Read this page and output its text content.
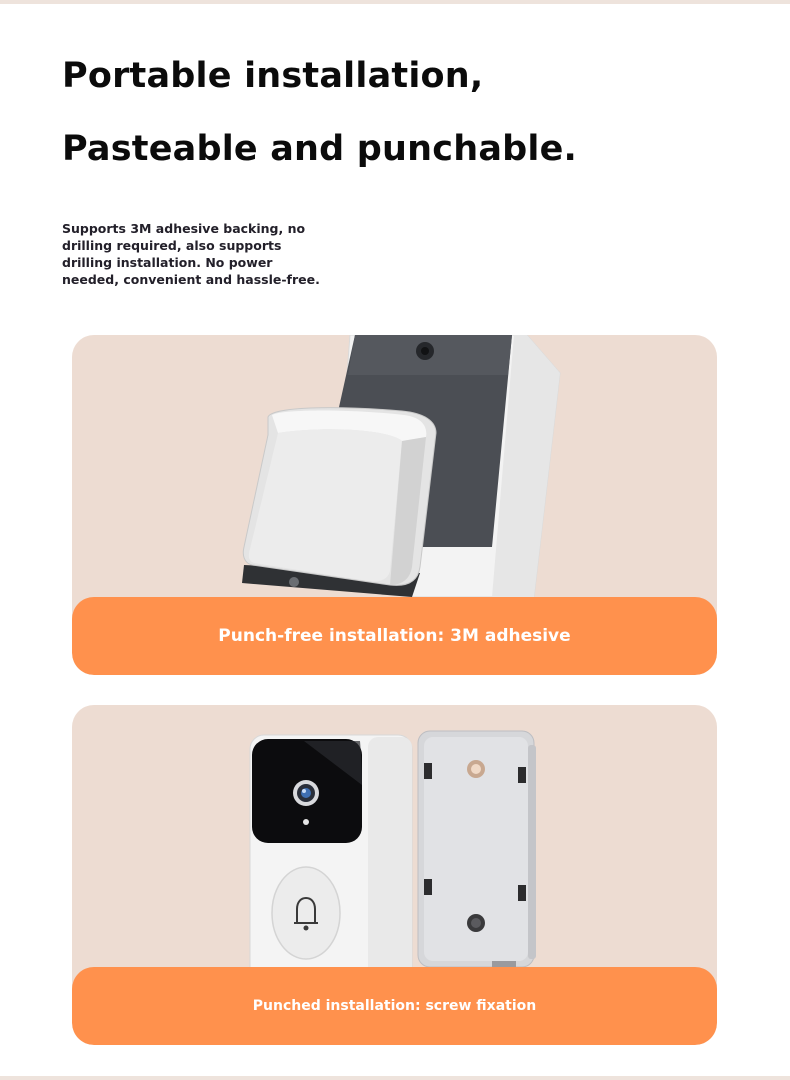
Portable installation,
Pasteable and punchable.

Supports 3M adhesive backing, no drilling required, also supports drilling installation. No power needed, convenient and hassle-free.

Punch-free installation: 3M adhesive
Punched installation: screw fixation
